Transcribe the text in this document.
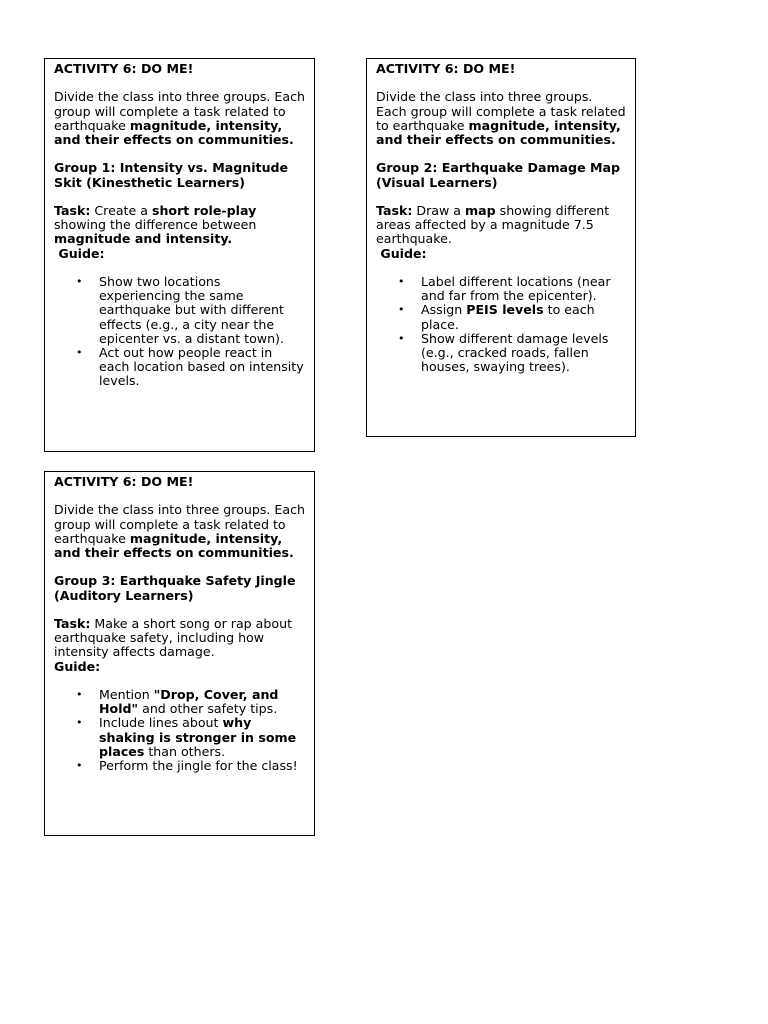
ACTIVITY 6: DO ME!

Divide the class into three groups. Each group will complete a task related to earthquake magnitude, intensity, and their effects on communities.

Group 1: Intensity vs. Magnitude Skit (Kinesthetic Learners)

Task: Create a short role-play showing the difference between magnitude and intensity.

Guide:

• Show two locations experiencing the same earthquake but with different effects (e.g., a city near the epicenter vs. a distant town).
• Act out how people react in each location based on intensity levels.

ACTIVITY 6: DO ME!

Divide the class into three groups. Each group will complete a task related to earthquake magnitude, intensity, and their effects on communities.

Group 2: Earthquake Damage Map (Visual Learners)

Task: Draw a map showing different areas affected by a magnitude 7.5 earthquake.

Guide:

• Label different locations (near and far from the epicenter).
• Assign PEIS levels to each place.
• Show different damage levels (e.g., cracked roads, fallen houses, swaying trees).

ACTIVITY 6: DO ME!

Divide the class into three groups. Each group will complete a task related to earthquake magnitude, intensity, and their effects on communities.

Group 3: Earthquake Safety Jingle (Auditory Learners)

Task: Make a short song or rap about earthquake safety, including how intensity affects damage.

Guide:

• Mention "Drop, Cover, and Hold" and other safety tips.
• Include lines about why shaking is stronger in some places than others.
• Perform the jingle for the class!
